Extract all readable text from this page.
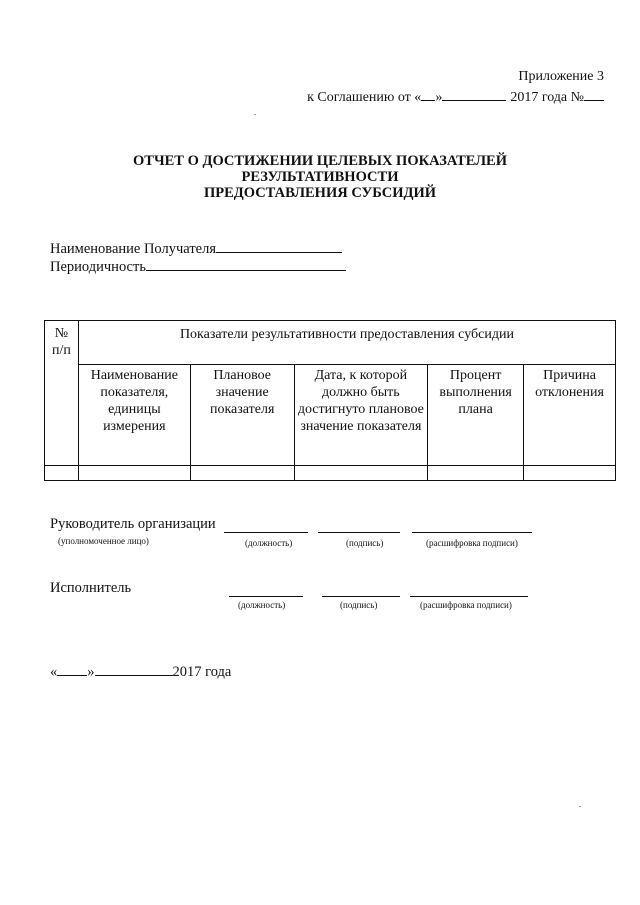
Приложение 3
к Соглашению от « »	2017 года №
ОТЧЕТ О ДОСТИЖЕНИИ ЦЕЛЕВЫХ ПОКАЗАТЕЛЕЙ
РЕЗУЛЬТАТИВНОСТИ
ПРЕДОСТАВЛЕНИЯ СУБСИДИЙ
Наименование Получателя
Периодичность
№ п/п	Показатели результативности предоставления субсидии				
	Наименование показателя, единицы измерения	Плановое значение показателя	Дата, к которой должно быть достигнуто плановое значение показателя	Процент выполнения плана	Причина отклонения

Руководитель организации
(уполномоченное лицо)	(должность)	(подпись)	(расшифровка подписи)
Исполнитель
(должность)	(подпись)	(расшифровка подписи)
« »	2017 года
